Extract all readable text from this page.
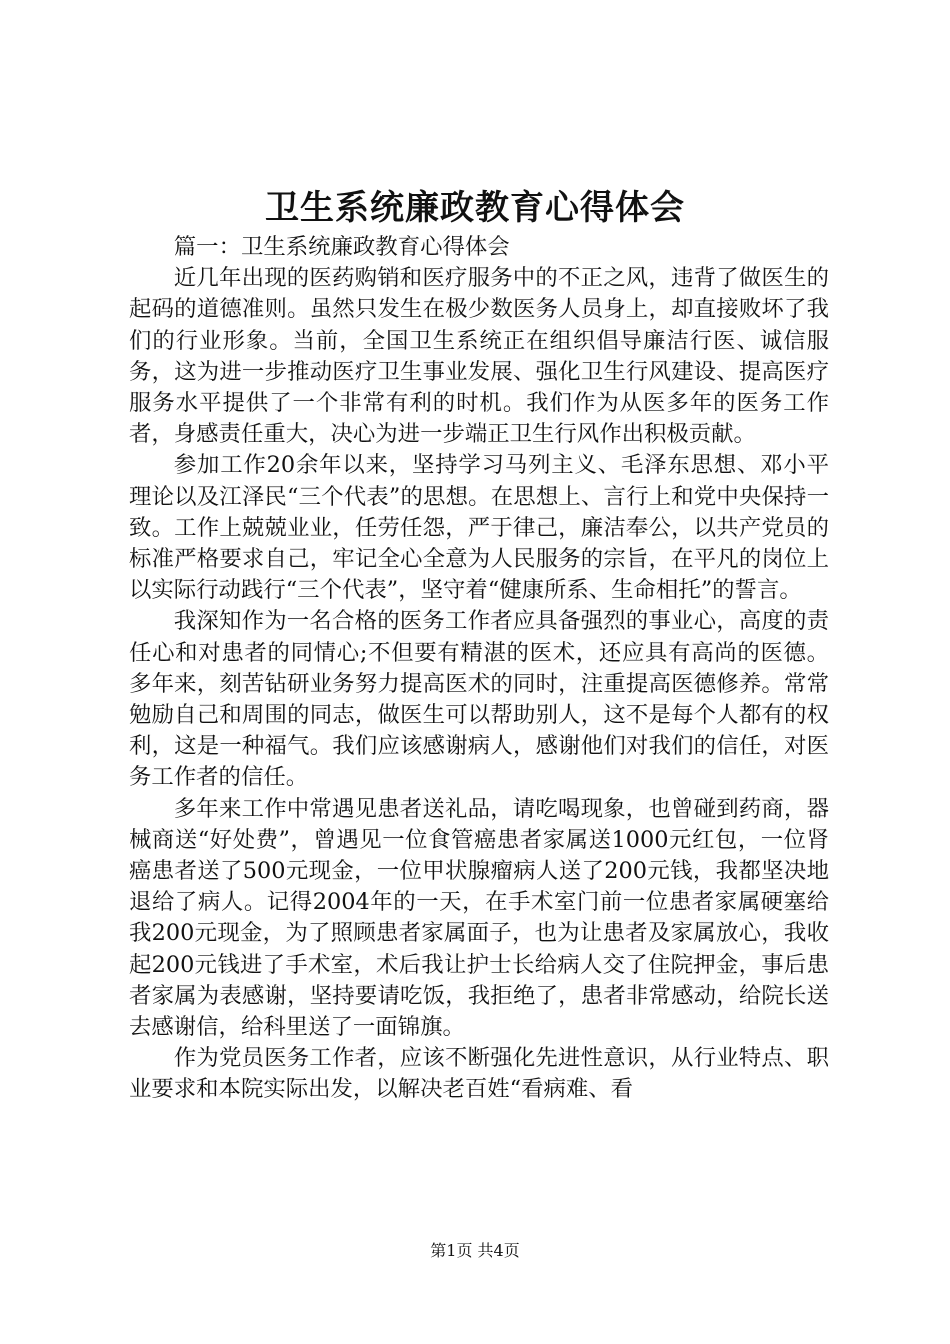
卫生系统廉政教育心得体会

篇一：卫生系统廉政教育心得体会

近几年出现的医药购销和医疗服务中的不正之风，违背了做医生的起码的道德准则。虽然只发生在极少数医务人员身上，却直接败坏了我们的行业形象。当前，全国卫生系统正在组织倡导廉洁行医、诚信服务，这为进一步推动医疗卫生事业发展、强化卫生行风建设、提高医疗服务水平提供了一个非常有利的时机。我们作为从医多年的医务工作者，身感责任重大，决心为进一步端正卫生行风作出积极贡献。

参加工作20余年以来，坚持学习马列主义、毛泽东思想、邓小平理论以及江泽民“三个代表”的思想。在思想上、言行上和党中央保持一致。工作上兢兢业业，任劳任怨，严于律己，廉洁奉公，以共产党员的标准严格要求自己，牢记全心全意为人民服务的宗旨，在平凡的岗位上以实际行动践行“三个代表”，坚守着“健康所系、生命相托”的誓言。

我深知作为一名合格的医务工作者应具备强烈的事业心，高度的责任心和对患者的同情心;不但要有精湛的医术，还应具有高尚的医德。多年来，刻苦钻研业务努力提高医术的同时，注重提高医德修养。常常勉励自己和周围的同志，做医生可以帮助别人，这不是每个人都有的权利，这是一种福气。我们应该感谢病人，感谢他们对我们的信任，对医务工作者的信任。

多年来工作中常遇见患者送礼品，请吃喝现象，也曾碰到药商，器械商送“好处费”，曾遇见一位食管癌患者家属送1000元红包，一位肾癌患者送了500元现金，一位甲状腺瘤病人送了200元钱，我都坚决地退给了病人。记得2004年的一天，在手术室门前一位患者家属硬塞给我200元现金，为了照顾患者家属面子，也为让患者及家属放心，我收起200元钱进了手术室，术后我让护士长给病人交了住院押金，事后患者家属为表感谢，坚持要请吃饭，我拒绝了，患者非常感动，给院长送去感谢信，给科里送了一面锦旗。

作为党员医务工作者，应该不断强化先进性意识，从行业特点、职业要求和本院实际出发，以解决老百姓“看病难、看

第1页 共4页
